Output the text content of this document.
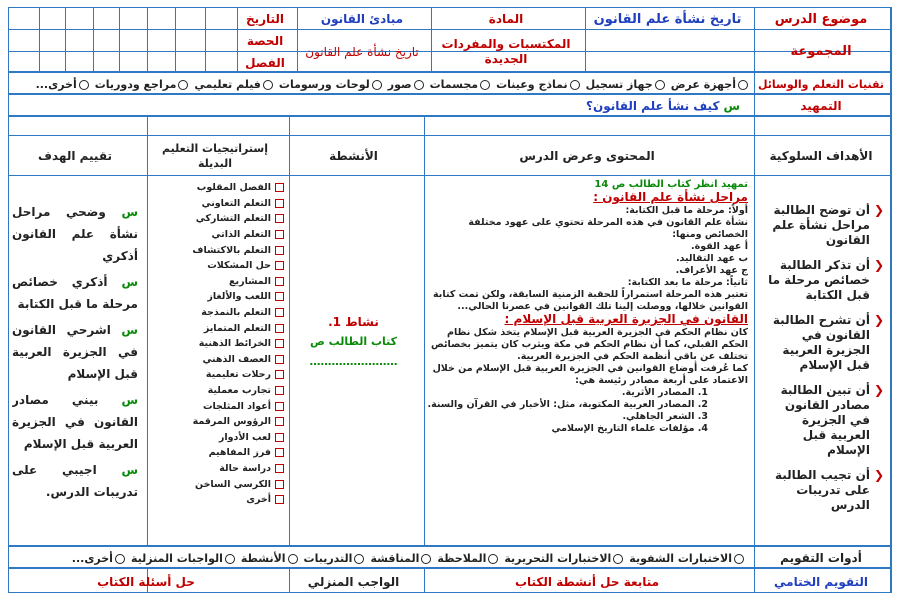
موضوع الدرس
تاريخ نشأة علم القانون
المادة
مبادئ القانون
التاريخ
المجموعة
المكتسبات والمفردات الجديدة
تاريخ نشأة علم القانون
الحصة
الفصل
تقنيات التعلم والوسائل
أجهزة عرض
جهاز تسجيل
نماذج وعينات
مجسمات
صور
لوحات ورسومات
فيلم تعليمي
مراجع ودوريات
أخرى...
التمهيد
س
كيف نشأ علم القانون؟
الأهداف السلوكية
المحتوى وعرض الدرس
الأنشطة
إستراتيجيات التعليم البديلة
تقييم الهدف
❮
أن توضح الطالبة مراحل نشأة علم القانون
❮
أن تذكر الطالبة خصائص مرحلة ما قبل الكتابة
❮
أن تشرح الطالبة القانون في الجزيرة العربية قبل الإسلام
❮
أن تبين الطالبة مصادر القانون في الجزيرة العربية قبل الإسلام
❮
أن تجيب الطالبة على تدريبات الدرس

تمهيد انظر كتاب الطالب ص 14

مراحل نشأة علم القانون :

أولاً: مرحلة ما قبل الكتابة:

نشأة علم القانون في هذه المرحلة تحتوي على عهود مختلفة الخصائص ومنها:

أ عهد القوة.

ب عهد التقاليد.

ج عهد الأعراف.

ثانياً: مرحلة ما بعد الكتابة:

تعتبر هذه المرحلة استمراراً للحقبة الزمنية السابقة، ولكن تمت كتابة القوانين خلالها، ووصلت إلينا تلك القوانين في عصرنا الحالي...

القانون في الجزيرة العربية قبل الإسلام :

كان نظام الحكم في الجزيرة العربية قبل الإسلام يتخذ شكل نظام الحكم القبلي، كما أن نظام الحكم في مكة ويثرب كان يتميز بخصائص تختلف عن باقي أنظمة الحكم في الجزيرة العربية.

كما عُرفت أوضاع القوانين في الجزيرة العربية قبل الإسلام من خلال الاعتماد على أربعة مصادر رئيسة هي:

1. المصادر الأثرية.

2. المصادر العربية المكتوبة، مثل: الأخبار في القرآن والسنة.

3. الشعر الجاهلي.

4. مؤلفات علماء التاريخ الإسلامي

نشاط 1.
كتاب الطالب ص
……………………
الفصل المقلوب
التعلم التعاوني
التعلم التشاركي
التعلم الذاتي
التعلم بالاكتشاف
حل المشكلات
المشاريع
اللعب والألغاز
التعلم بالنمذجة
التعلم المتمايز
الخرائط الذهنية
العصف الذهني
رحلات تعليمية
تجارب معملية
أعواد المثلجات
الرؤوس المرقمة
لعب الأدوار
فرز المفاهيم
دراسة حالة
الكرسي الساخن
أخرى
س وضحي مراحل نشأة علم القانون أذكري
س أذكري خصائص مرحلة ما قبل الكتابة
س اشرحي القانون في الجزيرة العربية قبل الإسلام
س بيني مصادر القانون في الجزيرة العربية قبل الإسلام
س اجيبي على تدريبات الدرس.
أدوات التقويم
الاختبارات الشفوية
الاختبارات التحريرية
الملاحظة
المناقشة
التدريبات
الأنشطة
الواجبات المنزلية
أخرى...
التقويم الختامي
متابعة حل أنشطة الكتاب
الواجب المنزلي
حل أسئلة الكتاب
